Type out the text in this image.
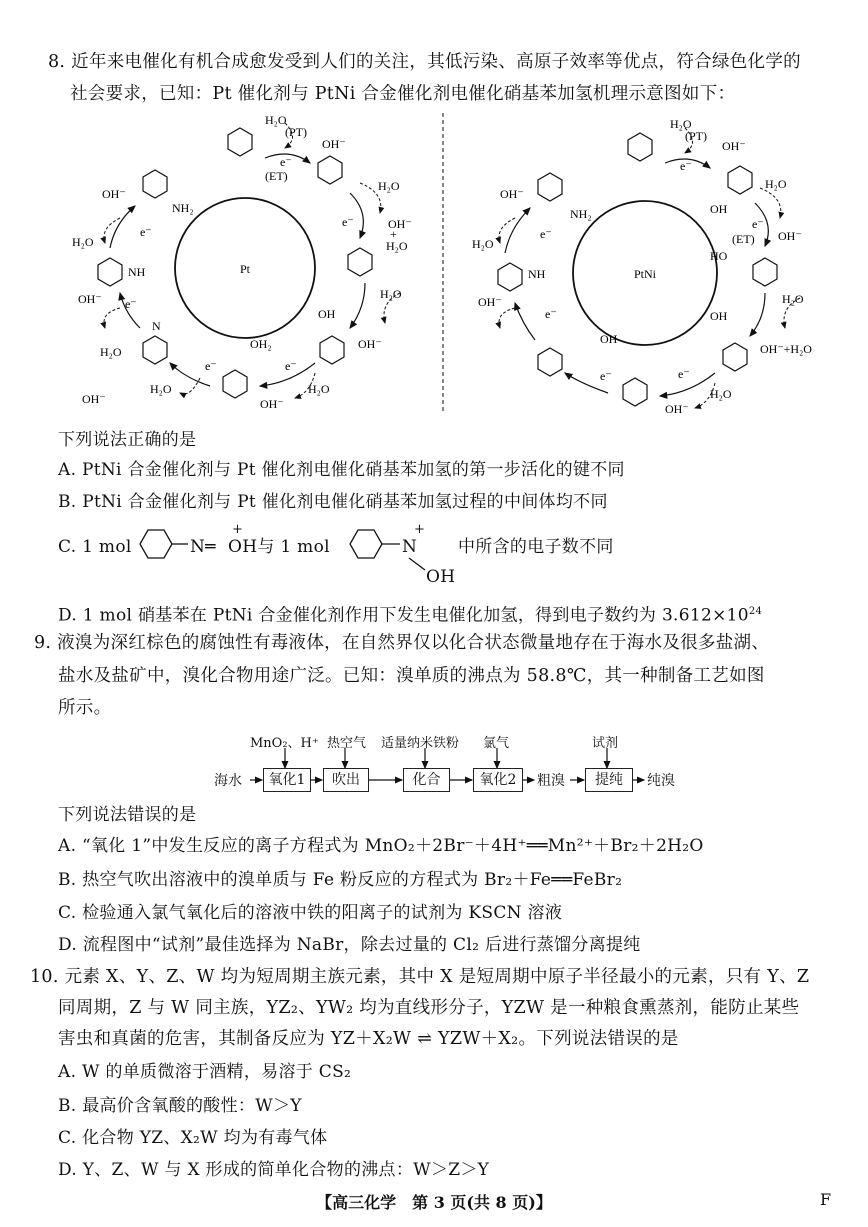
8. 近年来电催化有机合成愈发受到人们的关注，其低污染、高原子效率等优点，符合绿色化学的
社会要求，已知：Pt 催化剂与 PtNi 合金催化剂电催化硝基苯加氢机理示意图如下：
Pt
H₂O
(PT)
OH⁻
(ET)
e⁻
e⁻
OH⁻
NH₂
H₂O
NH
OH⁻
N
H₂O
H₂O
OH⁻
+
H₂O
H₂O
OH⁻
e⁻
e⁻
e⁻	e⁻
OH
OH₂
H₂O
OH⁻
H₂O
OH⁻
PtNi
H₂O
(PT)
OH⁻
H₂O
(ET) OH⁻
e⁻
e⁻
OH⁻
NH₂
H₂O
NH
OH⁻	H₂O
OH⁻+H₂O
H₂O
OH⁻
OH
HO
OH
OH
e⁻
e⁻	e⁻
e⁻
下列说法正确的是
A. PtNi 合金催化剂与 Pt 催化剂电催化硝基苯加氢的第一步活化的键不同
B. PtNi 合金催化剂与 Pt 催化剂电催化硝基苯加氢过程的中间体均不同
C. 1 mol	N═
+
OH与 1 mol	N
+
OH
中所含的电子数不同
D. 1 mol 硝基苯在 PtNi 合金催化剂作用下发生电催化加氢，得到电子数约为 $3.612\times 10^{24}$
9. 液溴为深红棕色的腐蚀性有毒液体，在自然界仅以化合状态微量地存在于海水及很多盐湖、
盐水及盐矿中，溴化合物用途广泛。已知：溴单质的沸点为 58.8℃，其一种制备工艺如图
所示。
MnO₂、H⁺ 热空气 适量纳米铁粉 氯气	试剂
海水	氧化1	吹出	化合	氧化2	粗溴	提纯	纯溴
下列说法错误的是
A. “氧化 1”中发生反应的离子方程式为 MnO₂＋2Br⁻＋4H⁺══Mn²⁺＋Br₂＋2H₂O
B. 热空气吹出溶液中的溴单质与 Fe 粉反应的方程式为 Br₂＋Fe══FeBr₂
C. 检验通入氯气氧化后的溶液中铁的阳离子的试剂为 KSCN 溶液
D. 流程图中“试剂”最佳选择为 NaBr，除去过量的 Cl₂ 后进行蒸馏分离提纯
10. 元素 X、Y、Z、W 均为短周期主族元素，其中 X 是短周期中原子半径最小的元素，只有 Y、Z
同周期，Z 与 W 同主族，YZ₂、YW₂ 均为直线形分子，YZW 是一种粮食熏蒸剂，能防止某些
害虫和真菌的危害，其制备反应为 YZ＋X₂W ⇌ YZW＋X₂。下列说法错误的是
A. W 的单质微溶于酒精，易溶于 CS₂
B. 最高价含氧酸的酸性：W＞Y
C. 化合物 YZ、X₂W 均为有毒气体
D. Y、Z、W 与 X 形成的简单化合物的沸点：W＞Z＞Y
【高三化学　第 3 页(共 8 页)】	F
